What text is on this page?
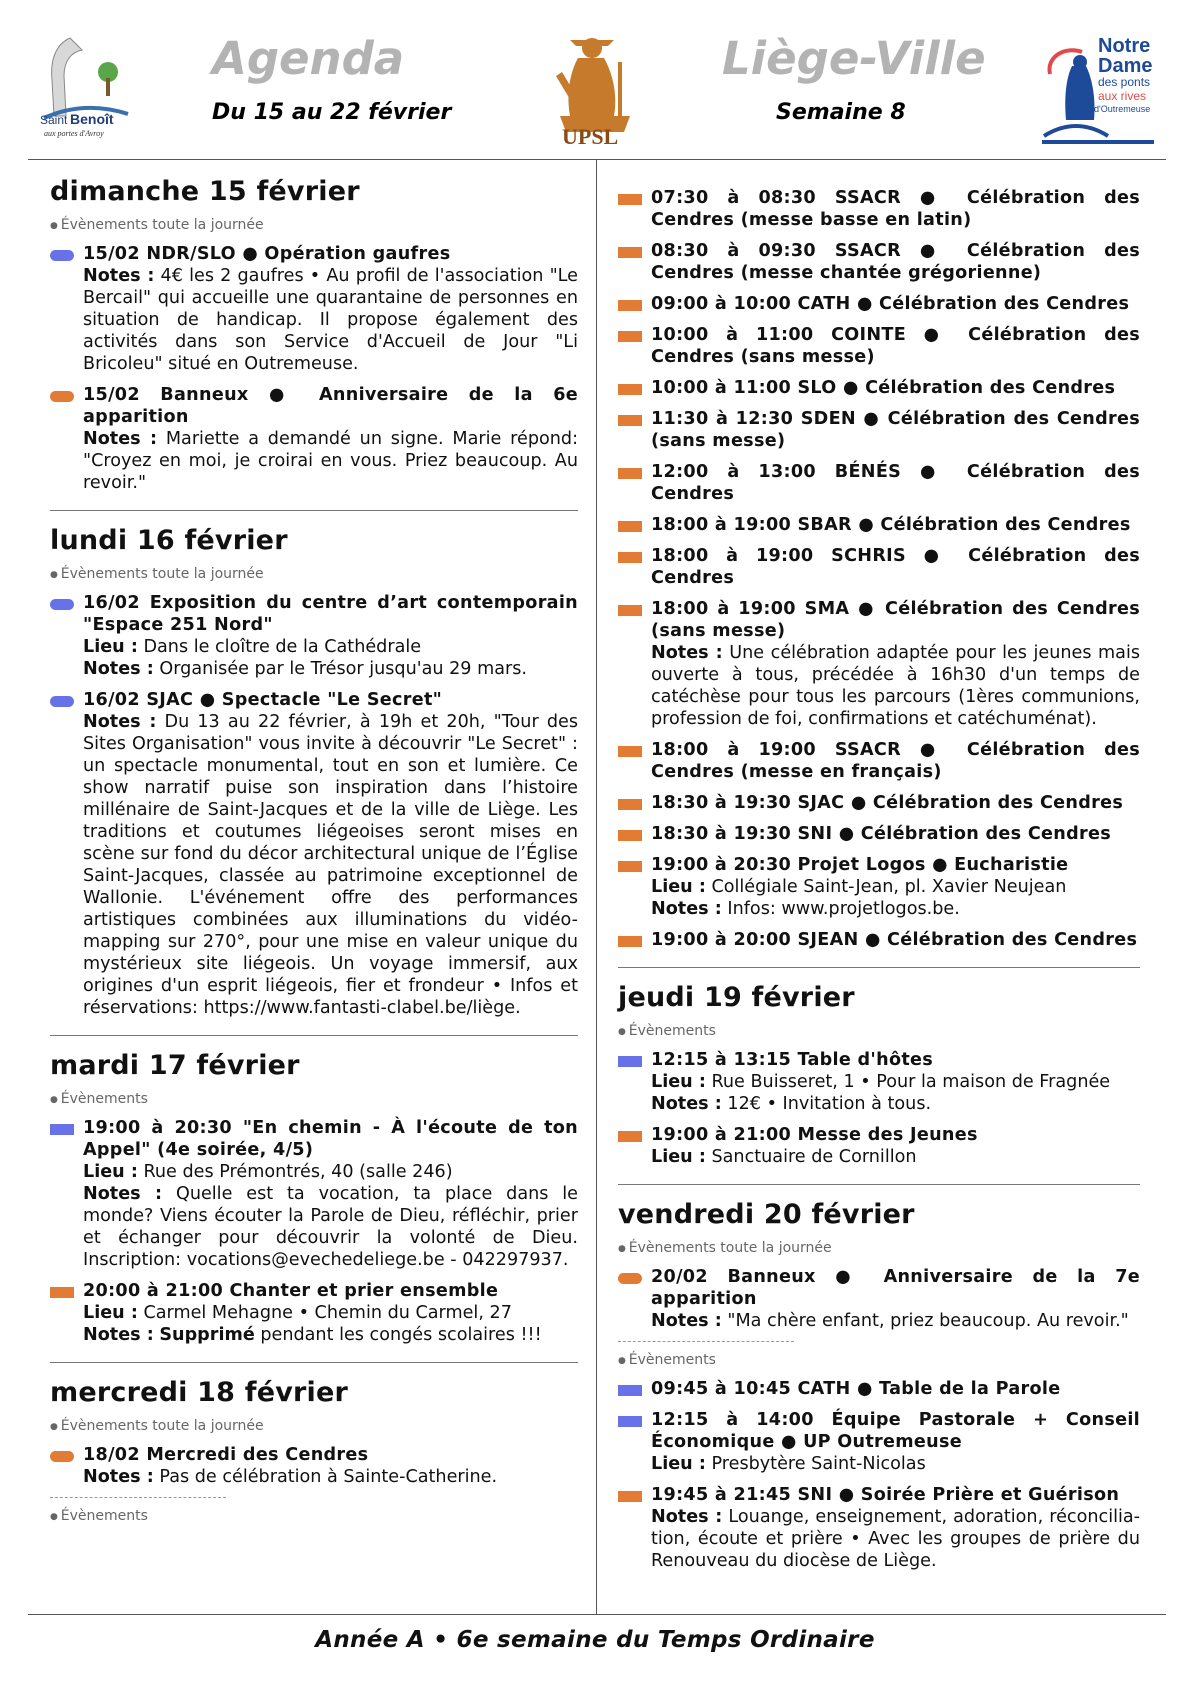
Saint Benoît
aux portes d'Avroy
Agenda
Du 15 au 22 février
UPSL
Liège-Ville
Semaine 8
Notre
Dame
des ponts
aux rives
d'Outremeuse
dimanche 15 février
● Évènements toute la journée
15/02 NDR/SLO ● Opération gaufres
Notes : 4€ les 2 gaufres • Au profil de l'association "Le Bercail" qui accueille une quarantaine de personnes en situation de handicap. Il propose également des activités dans son Service d'Accueil de Jour "Li Bricoleu" situé en Outremeuse.
15/02 Banneux ● Anniversaire de la 6e apparition
Notes : Mariette a demandé un signe. Marie répond: "Croyez en moi, je croirai en vous. Priez beaucoup. Au revoir."
lundi 16 février
● Évènements toute la journée
16/02 Exposition du centre d’art contemporain "Espace 251 Nord"
Lieu : Dans le cloître de la Cathédrale
Notes : Organisée par le Trésor jusqu'au 29 mars.
16/02 SJAC ● Spectacle "Le Secret"
Notes : Du 13 au 22 février, à 19h et 20h, "Tour des Sites Organisation" vous invite à découvrir "Le Secret" : un spectacle monumental, tout en son et lumière. Ce show narratif puise son inspiration dans l’histoire millénaire de Saint-Jacques et de la ville de Liège. Les traditions et coutumes liégeoises seront mises en scène sur fond du décor architectural unique de l’Église Saint-Jacques, classée au patrimoine exceptionnel de Wallonie. L'événement offre des performances artistiques combinées aux illuminations du vidéo-mapping sur 270°, pour une mise en valeur unique du mystérieux site liégeois. Un voyage immersif, aux origines d'un esprit liégeois, fier et frondeur • Infos et réservations: https://www.fantasti-clabel.be/liège.
mardi 17 février
● Évènements
19:00 à 20:30 "En chemin - À l'écoute de ton Appel" (4e soirée, 4/5)
Lieu : Rue des Prémontrés, 40 (salle 246)
Notes : Quelle est ta vocation, ta place dans le monde? Viens écouter la Parole de Dieu, réfléchir, prier et échanger pour découvrir la volonté de Dieu. Inscription: vocations@evechedeliege.be - 042297937.
20:00 à 21:00 Chanter et prier ensemble
Lieu : Carmel Mehagne • Chemin du Carmel, 27
Notes : Supprimé pendant les congés scolaires !!!
mercredi 18 février
● Évènements toute la journée
18/02 Mercredi des Cendres
Notes : Pas de célébration à Sainte-Catherine.
● Évènements
07:30 à 08:30 SSACR ● Célébration des Cendres (messe basse en latin)
08:30 à 09:30 SSACR ● Célébration des Cendres (messe chantée grégorienne)
09:00 à 10:00 CATH ● Célébration des Cendres
10:00 à 11:00 COINTE ● Célébration des Cendres (sans messe)
10:00 à 11:00 SLO ● Célébration des Cendres
11:30 à 12:30 SDEN ● Célébration des Cendres (sans messe)
12:00 à 13:00 BÉNÉS ● Célébration des Cendres
18:00 à 19:00 SBAR ● Célébration des Cendres
18:00 à 19:00 SCHRIS ● Célébration des Cendres
18:00 à 19:00 SMA ● Célébration des Cendres (sans messe)
Notes : Une célébration adaptée pour les jeunes mais ouverte à tous, précédée à 16h30 d'un temps de catéchèse pour tous les parcours (1ères communions, profession de foi, confirmations et catéchuménat).
18:00 à 19:00 SSACR ● Célébration des Cendres (messe en français)
18:30 à 19:30 SJAC ● Célébration des Cendres
18:30 à 19:30 SNI ● Célébration des Cendres
19:00 à 20:30 Projet Logos ● Eucharistie
Lieu : Collégiale Saint-Jean, pl. Xavier Neujean
Notes : Infos: www.projetlogos.be.
19:00 à 20:00 SJEAN ● Célébration des Cendres
jeudi 19 février
● Évènements
12:15 à 13:15 Table d'hôtes
Lieu : Rue Buisseret, 1 • Pour la maison de Fragnée
Notes : 12€ • Invitation à tous.
19:00 à 21:00 Messe des Jeunes
Lieu : Sanctuaire de Cornillon
vendredi 20 février
● Évènements toute la journée
20/02 Banneux ● Anniversaire de la 7e apparition
Notes : "Ma chère enfant, priez beaucoup. Au revoir."
● Évènements
09:45 à 10:45 CATH ● Table de la Parole
12:15 à 14:00 Équipe Pastorale + Conseil Économique ● UP Outremeuse
Lieu : Presbytère Saint-Nicolas
19:45 à 21:45 SNI ● Soirée Prière et Guérison
Notes : Louange, enseignement, adoration, réconcilia-tion, écoute et prière • Avec les groupes de prière du Renouveau du diocèse de Liège.
Année A • 6e semaine du Temps Ordinaire
